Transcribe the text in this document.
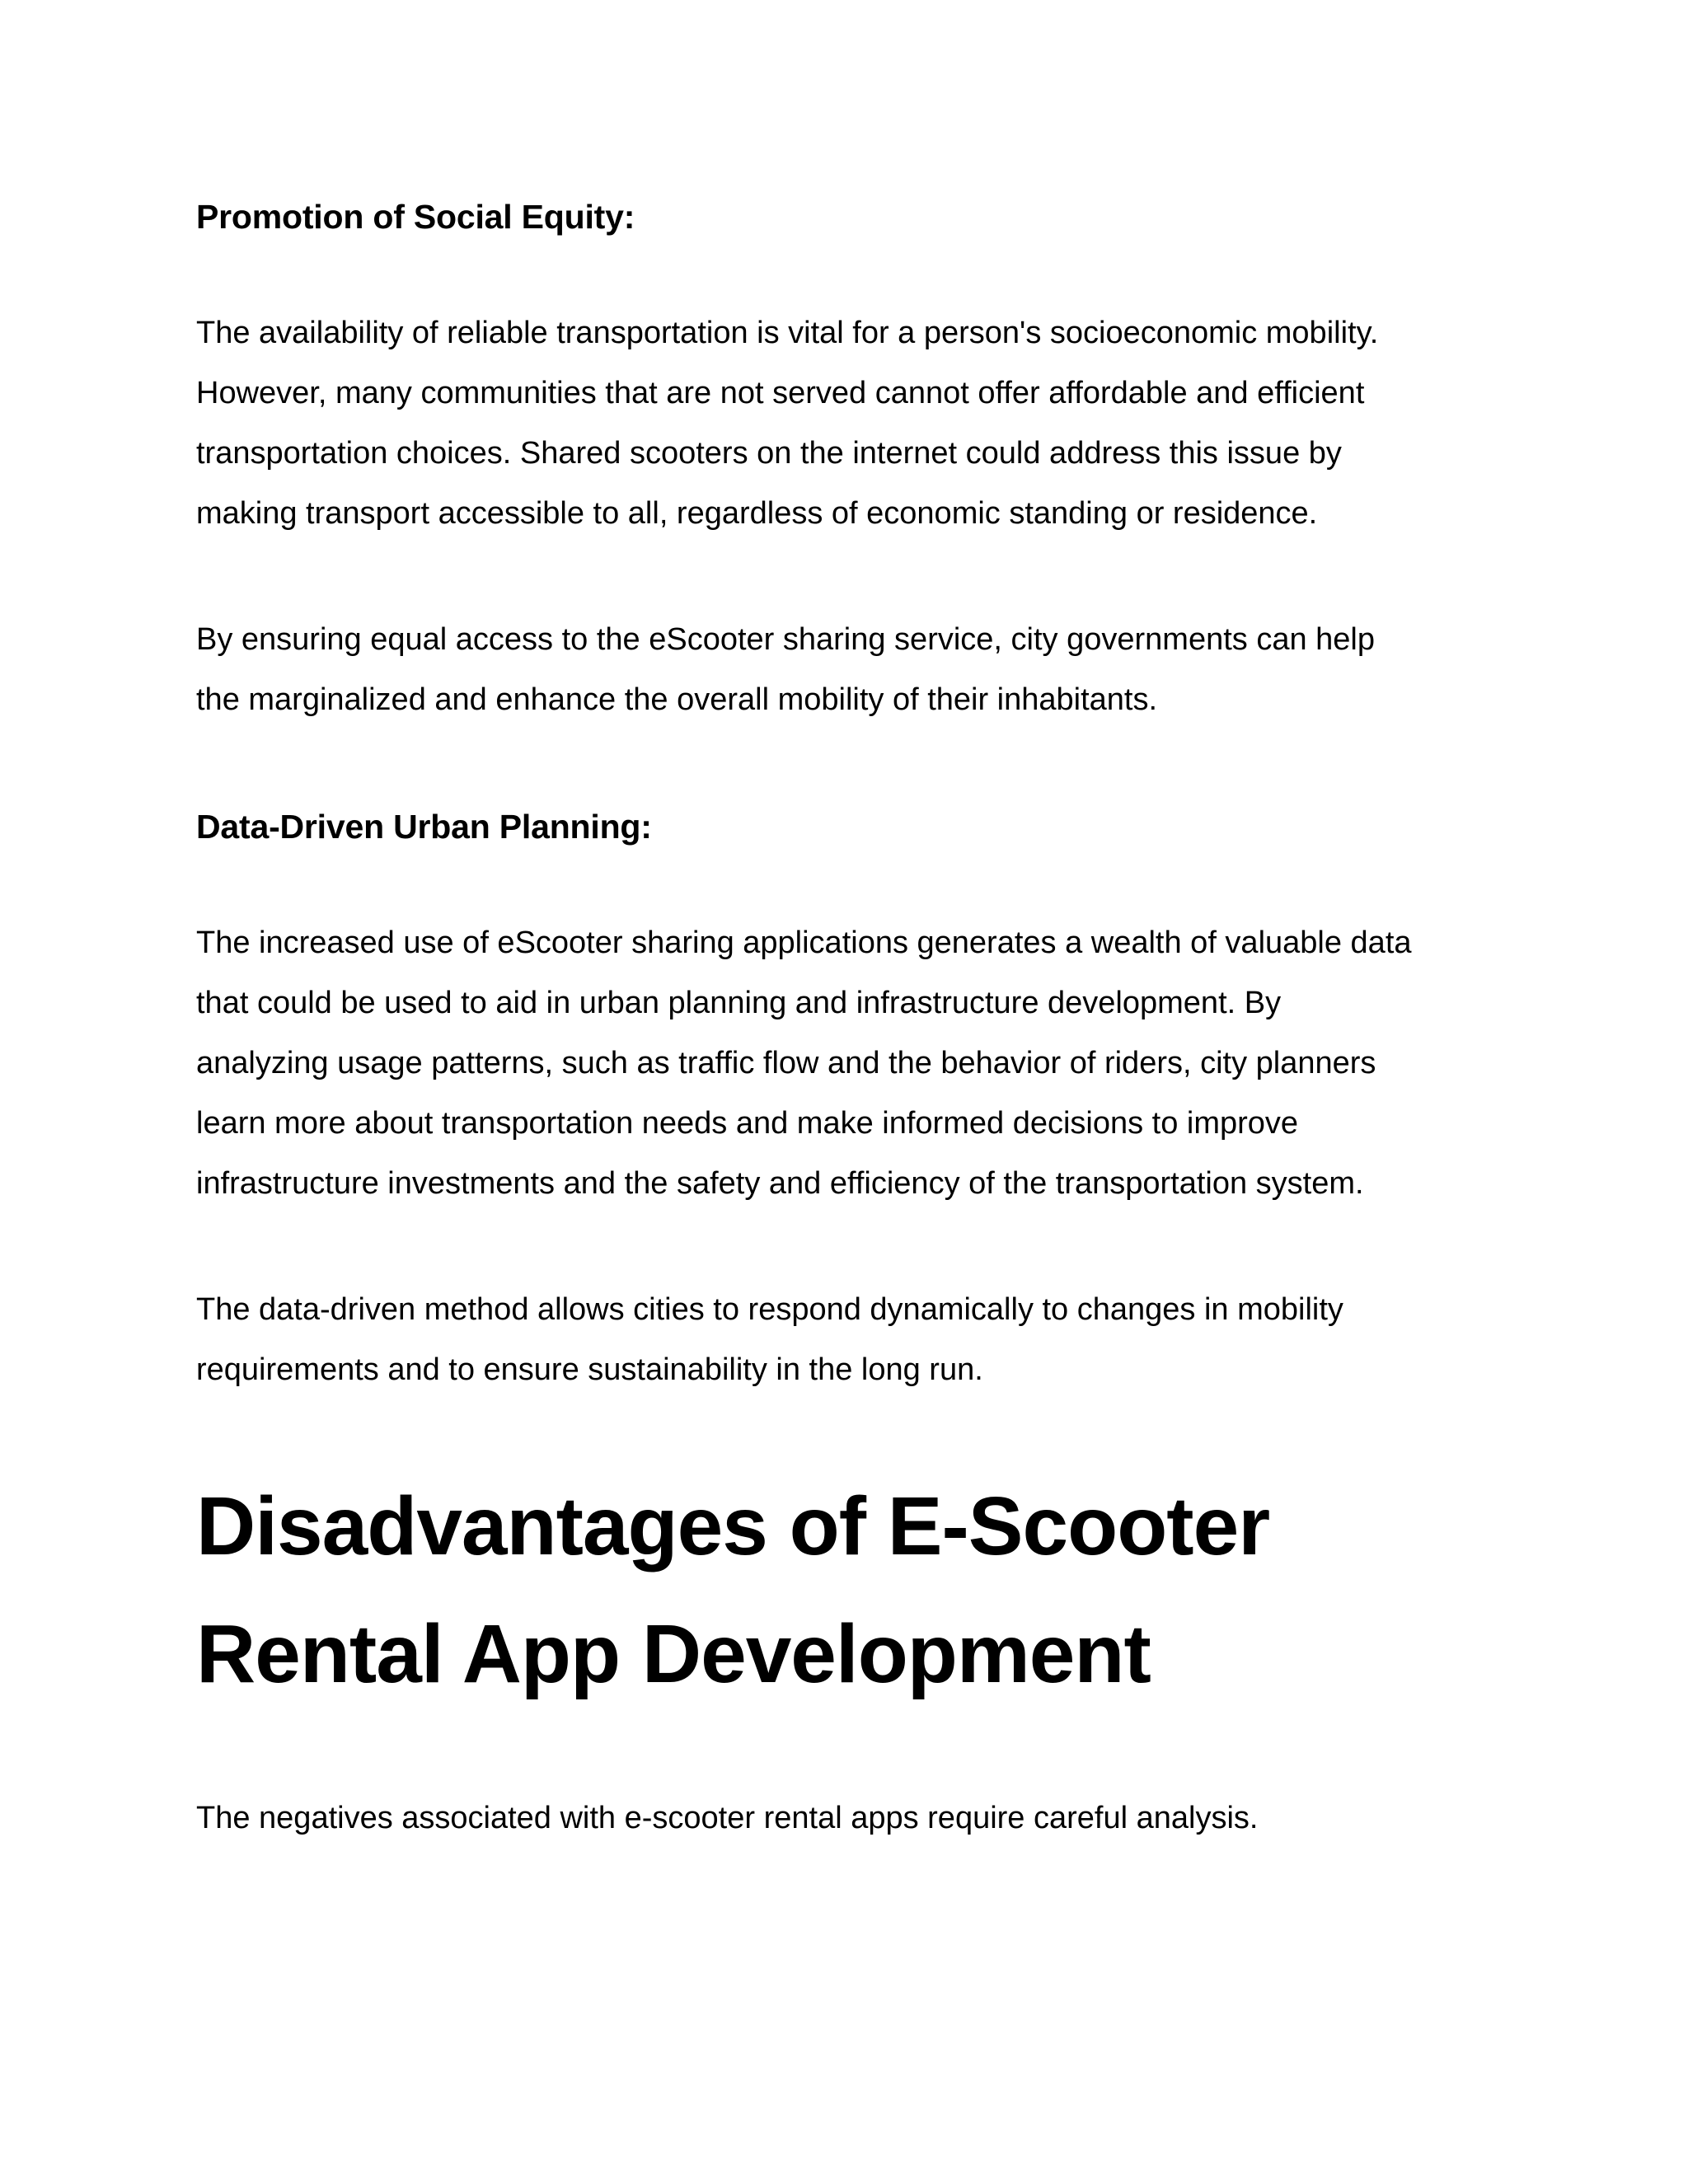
Promotion of Social Equity:

The availability of reliable transportation is vital for a person's socioeconomic mobility.
However, many communities that are not served cannot offer affordable and efficient
transportation choices. Shared scooters on the internet could address this issue by
making transport accessible to all, regardless of economic standing or residence.

By ensuring equal access to the eScooter sharing service, city governments can help
the marginalized and enhance the overall mobility of their inhabitants.

Data-Driven Urban Planning:

The increased use of eScooter sharing applications generates a wealth of valuable data
that could be used to aid in urban planning and infrastructure development. By
analyzing usage patterns, such as traffic flow and the behavior of riders, city planners
learn more about transportation needs and make informed decisions to improve
infrastructure investments and the safety and efficiency of the transportation system.

The data-driven method allows cities to respond dynamically to changes in mobility
requirements and to ensure sustainability in the long run.

Disadvantages of E-Scooter
Rental App Development

The negatives associated with e-scooter rental apps require careful analysis.
